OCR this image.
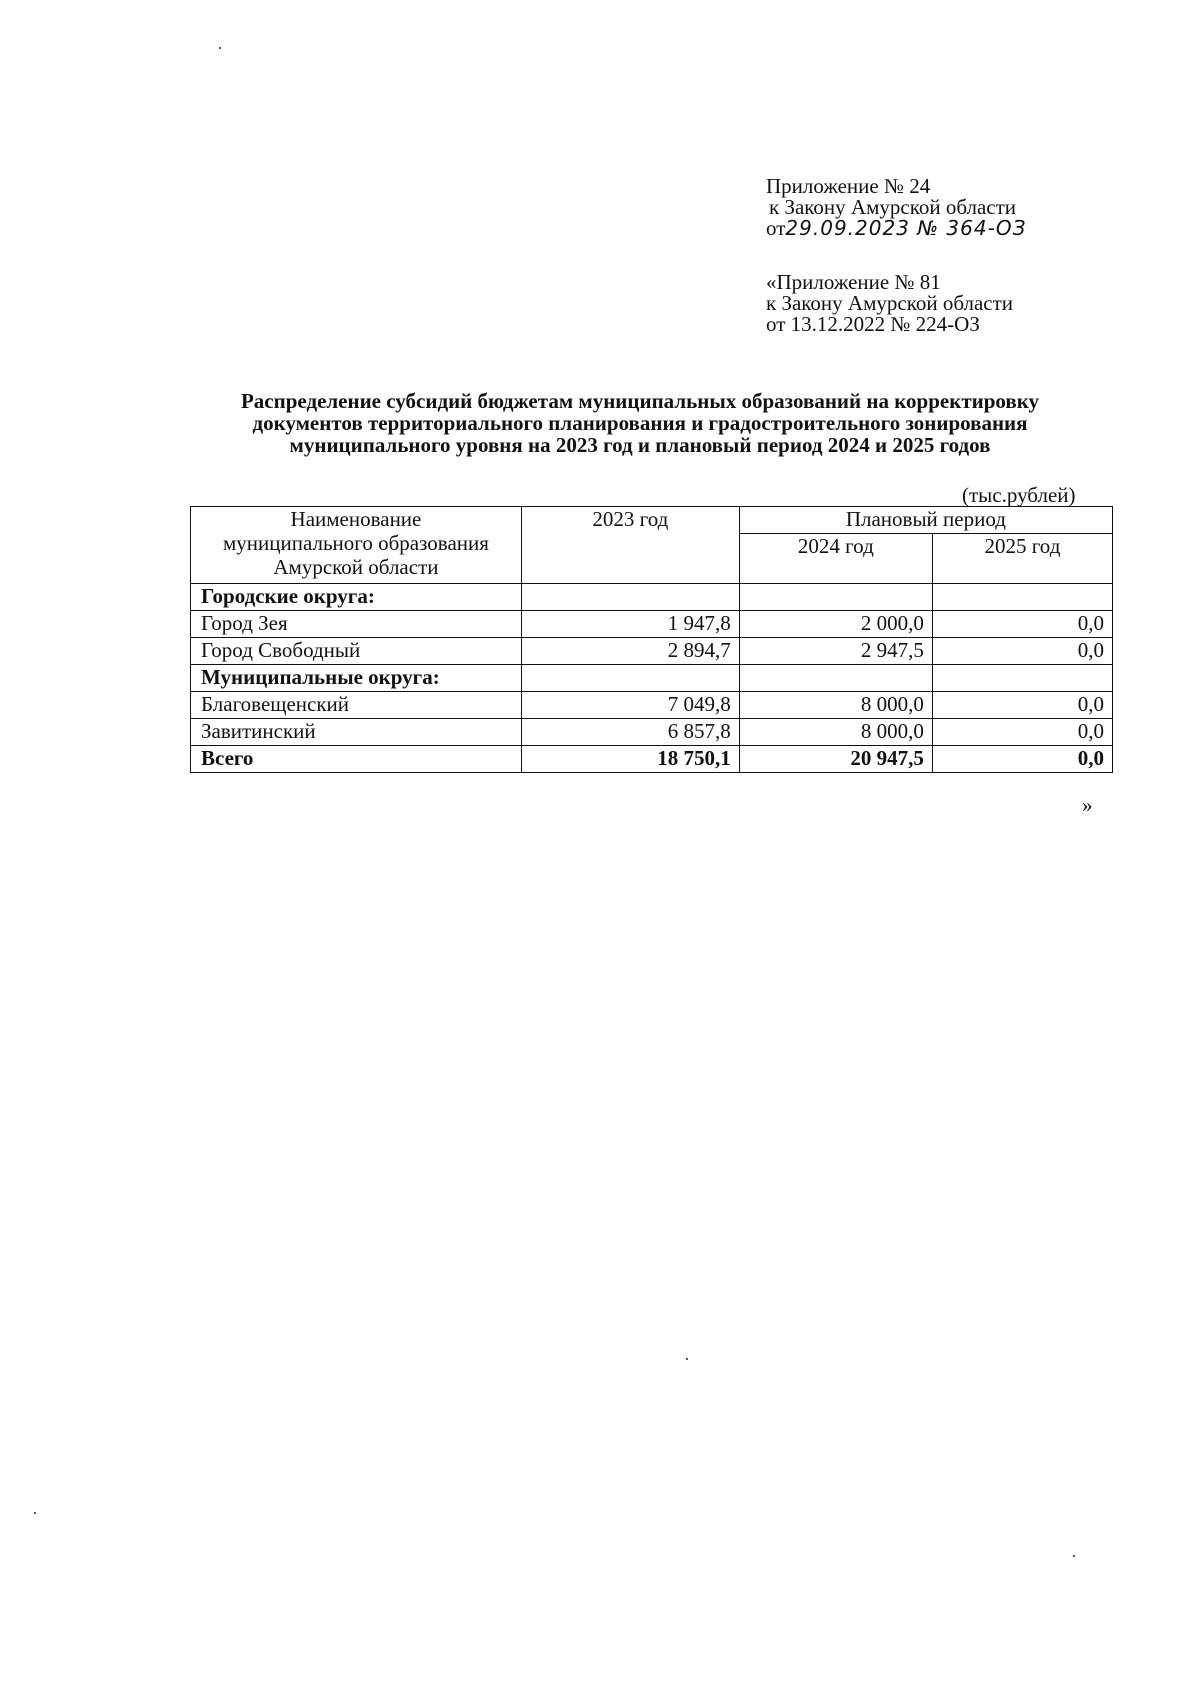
Приложение № 24
к Закону Амурской области
от29.09.2023 № 364-ОЗ
«Приложение № 81
к Закону Амурской области
от 13.12.2022 № 224-ОЗ
Распределение субсидий бюджетам муниципальных образований на корректировку
документов территориального планирования и градостроительного зонирования
муниципального уровня на 2023 год и плановый период 2024 и 2025 годов
(тыс.рублей)
Наименование
муниципального образования
Амурской области	2023 год	Плановый период	
		2024 год	2025 год
Городские округа:			
Город Зея	1 947,8	2 000,0	0,0
Город Свободный	2 894,7	2 947,5	0,0
Муниципальные округа:			
Благовещенский	7 049,8	8 000,0	0,0
Завитинский	6 857,8	8 000,0	0,0
Всего	18 750,1	20 947,5	0,0
»
